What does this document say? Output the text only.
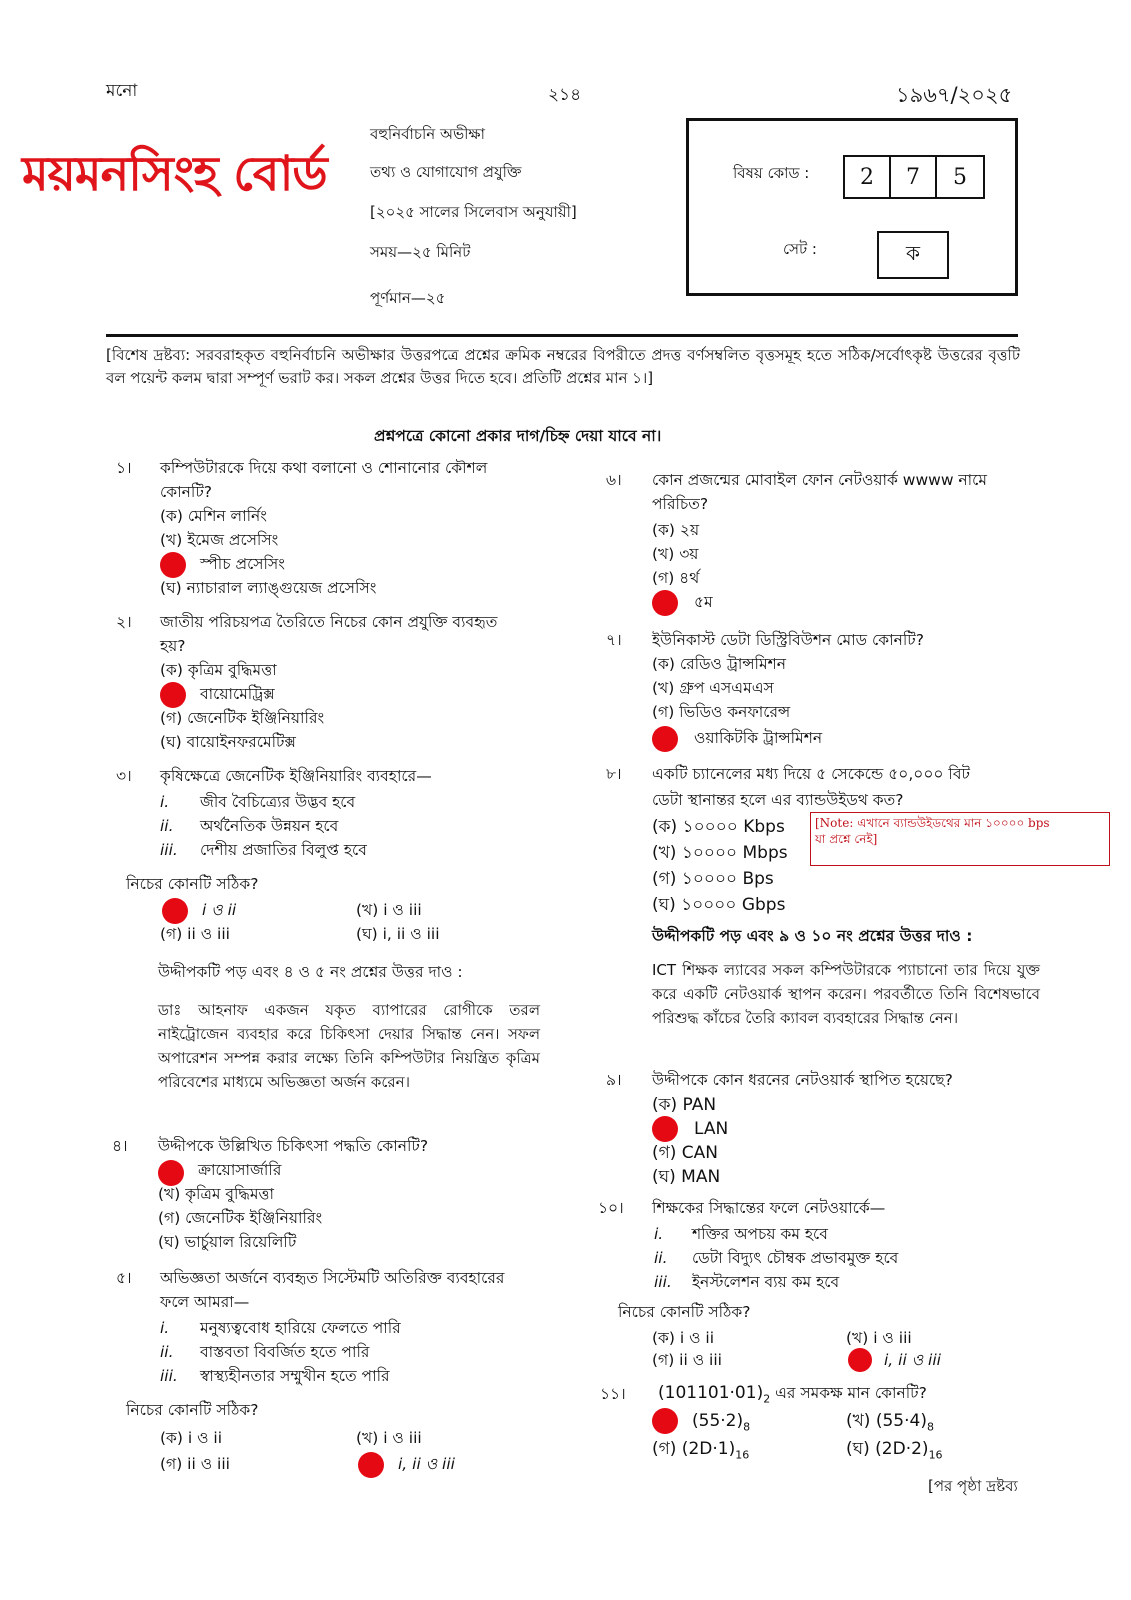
মনো	২১৪	১৯৬৭/২০২৫
ময়মনসিংহ বোর্ড
বহুনির্বাচনি অভীক্ষা
তথ্য ও যোগাযোগ প্রযুক্তি
[২০২৫ সালের সিলেবাস অনুযায়ী]
সময়—২৫ মিনিট
পূর্ণমান—২৫
বিষয় কোড :	2	7	5
সেট :	ক
[বিশেষ দ্রষ্টব্য: সরবরাহকৃত বহুনির্বাচনি অভীক্ষার উত্তরপত্রে প্রশ্নের ক্রমিক নম্বরের বিপরীতে প্রদত্ত বর্ণসম্বলিত বৃত্তসমূহ হতে সঠিক/সর্বোৎকৃষ্ট উত্তরের বৃত্তটি বল পয়েন্ট কলম দ্বারা সম্পূর্ণ ভরাট কর। সকল প্রশ্নের উত্তর দিতে হবে। প্রতিটি প্রশ্নের মান ১।]
প্রশ্নপত্রে কোনো প্রকার দাগ/চিহ্ন দেয়া যাবে না।
১। কম্পিউটারকে দিয়ে কথা বলানো ও শোনানোর কৌশল
কোনটি?
(ক) মেশিন লার্নিং
(খ) ইমেজ প্রসেসিং
স্পীচ প্রসেসিং
(ঘ) ন্যাচারাল ল্যাঙ্গুয়েজ প্রসেসিং
২। জাতীয় পরিচয়পত্র তৈরিতে নিচের কোন প্রযুক্তি ব্যবহৃত
হয়?
(ক) কৃত্রিম বুদ্ধিমত্তা
বায়োমেট্রিক্স
(গ) জেনেটিক ইঞ্জিনিয়ারিং
(ঘ) বায়োইনফরমেটিক্স
৩। কৃষিক্ষেত্রে জেনেটিক ইঞ্জিনিয়ারিং ব্যবহারে—
i. জীব বৈচিত্র্যের উদ্ভব হবে
ii. অর্থনৈতিক উন্নয়ন হবে
iii. দেশীয় প্রজাতির বিলুপ্ত হবে
নিচের কোনটি সঠিক?
i ও ii	(খ) i ও iii
(গ) ii ও iii	(ঘ) i, ii ও iii
উদ্দীপকটি পড় এবং ৪ ও ৫ নং প্রশ্নের উত্তর দাও :
ডাঃ আহনাফ একজন যকৃত ব্যাপারের রোগীকে তরল নাইট্রোজেন ব্যবহার করে চিকিৎসা দেয়ার সিদ্ধান্ত নেন। সফল অপারেশন সম্পন্ন করার লক্ষ্যে তিনি কম্পিউটার নিয়ন্ত্রিত কৃত্রিম পরিবেশের মাধ্যমে অভিজ্ঞতা অর্জন করেন।
৪। উদ্দীপকে উল্লিখিত চিকিৎসা পদ্ধতি কোনটি?
ক্রায়োসার্জারি
(খ) কৃত্রিম বুদ্ধিমত্তা
(গ) জেনেটিক ইঞ্জিনিয়ারিং
(ঘ) ভার্চুয়াল রিয়েলিটি
৫। অভিজ্ঞতা অর্জনে ব্যবহৃত সিস্টেমটি অতিরিক্ত ব্যবহারের
ফলে আমরা—
i. মনুষ্যত্ববোধ হারিয়ে ফেলতে পারি
ii. বাস্তবতা বিবর্জিত হতে পারি
iii. স্বাস্থ্যহীনতার সম্মুখীন হতে পারি
নিচের কোনটি সঠিক?
(ক) i ও ii	(খ) i ও iii
(গ) ii ও iii	i, ii ও iii
৬। কোন প্রজন্মের মোবাইল ফোন নেটওয়ার্ক wwww নামে
পরিচিত?
(ক) ২য়
(খ) ৩য়
(গ) ৪র্থ
৫ম
৭। ইউনিকাস্ট ডেটা ডিস্ট্রিবিউশন মোড কোনটি?
(ক) রেডিও ট্রান্সমিশন
(খ) গ্রুপ এসএমএস
(গ) ভিডিও কনফারেন্স
ওয়াকিটকি ট্রান্সমিশন
৮। একটি চ্যানেলের মধ্য দিয়ে ৫ সেকেন্ডে ৫০,০০০ বিট
ডেটা স্থানান্তর হলে এর ব্যান্ডউইডথ কত?
(ক) ১০০০০ Kbps
(খ) ১০০০০ Mbps
(গ) ১০০০০ Bps
(ঘ) ১০০০০ Gbps
[Note: এখানে ব্যান্ডউইডথের মান ১০০০০ bps
যা প্রশ্নে নেই]
উদ্দীপকটি পড় এবং ৯ ও ১০ নং প্রশ্নের উত্তর দাও :
ICT শিক্ষক ল্যাবের সকল কম্পিউটারকে প্যাচানো তার দিয়ে যুক্ত করে একটি নেটওয়ার্ক স্থাপন করেন। পরবর্তীতে তিনি বিশেষভাবে পরিশুদ্ধ কাঁচের তৈরি ক্যাবল ব্যবহারের সিদ্ধান্ত নেন।
৯। উদ্দীপকে কোন ধরনের নেটওয়ার্ক স্থাপিত হয়েছে?
(ক) PAN
LAN
(গ) CAN
(ঘ) MAN
১০। শিক্ষকের সিদ্ধান্তের ফলে নেটওয়ার্কে—
i. শক্তির অপচয় কম হবে
ii. ডেটা বিদ্যুৎ চৌম্বক প্রভাবমুক্ত হবে
iii. ইনস্টলেশন ব্যয় কম হবে
নিচের কোনটি সঠিক?
(ক) i ও ii	(খ) i ও iii
(গ) ii ও iii	i, ii ও iii
১১। $(101101\cdot 01)_2$ এর সমকক্ষ মান কোনটি?
$(55\cdot 2)_8$	(খ) $(55\cdot 4)_8$
(গ) $(2D\cdot 1)_{16}$	(ঘ) $(2D\cdot 2)_{16}$
[পর পৃষ্ঠা দ্রষ্টব্য
